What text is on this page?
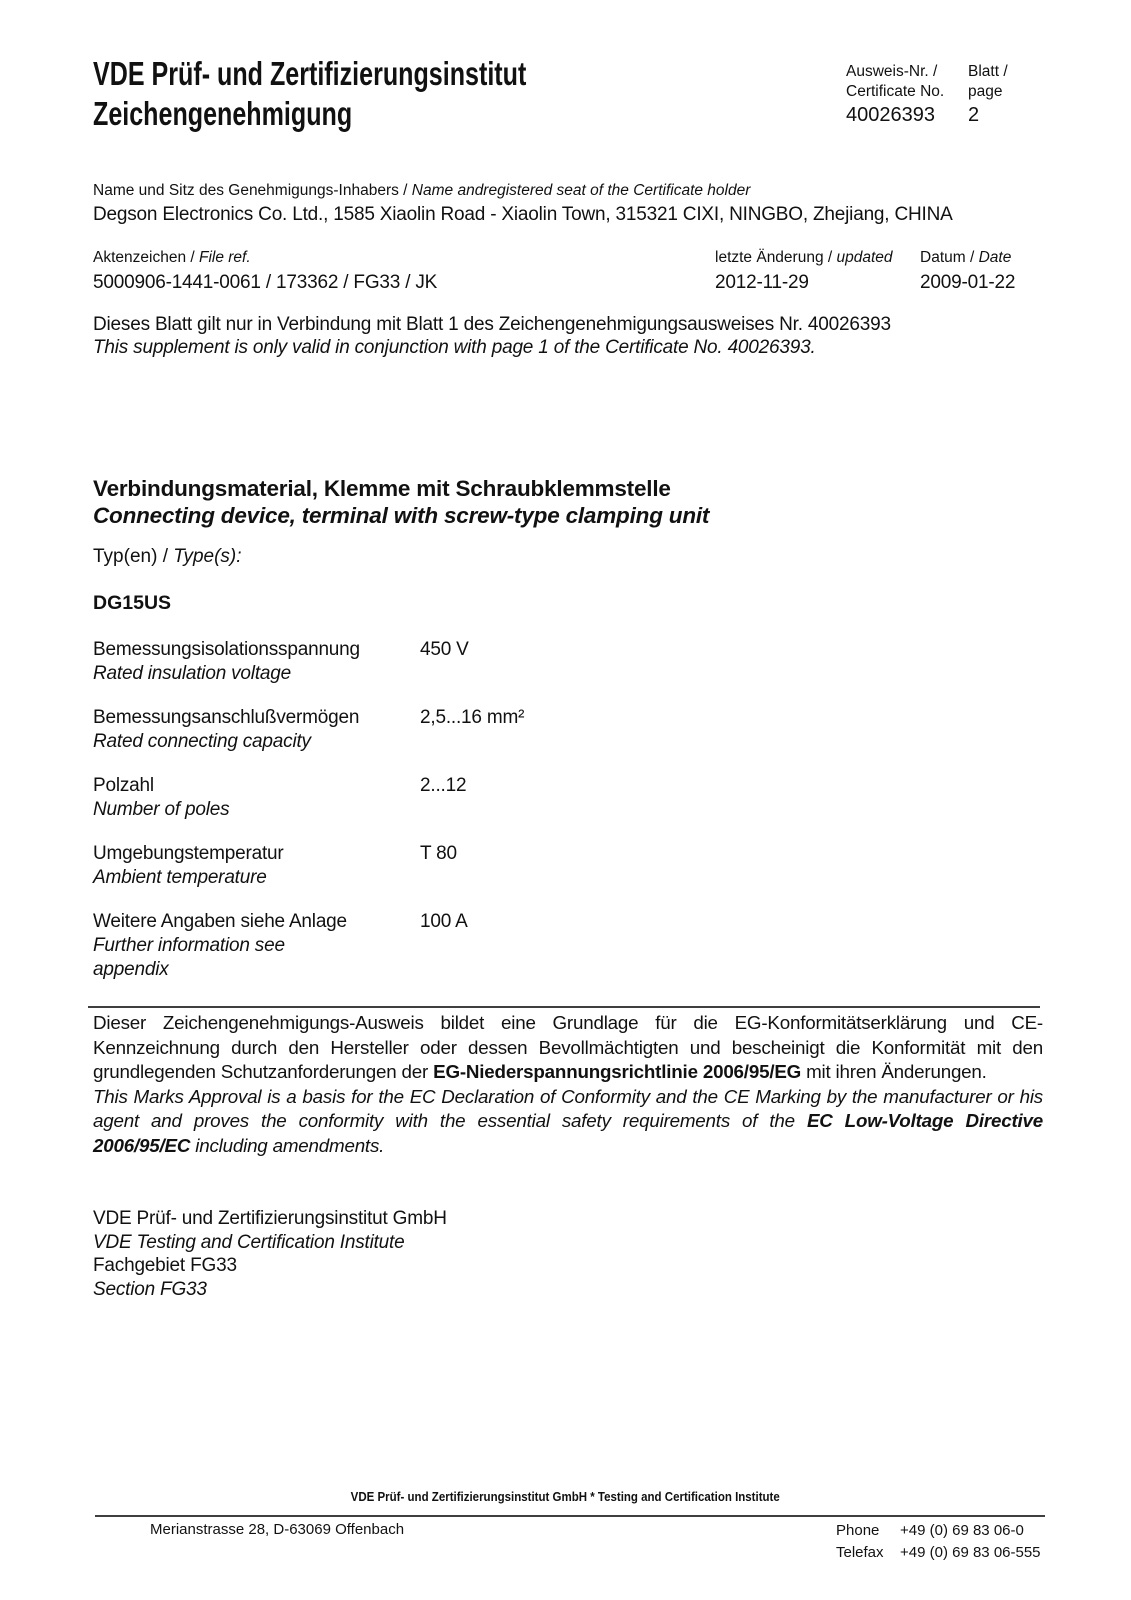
VDE Prüf- und Zertifizierungsinstitut
Zeichengenehmigung
Ausweis-Nr. /
Certificate No.
40026393
Blatt /
page
2
Name und Sitz des Genehmigungs-Inhabers / Name andregistered seat of the Certificate holder
Degson Electronics Co. Ltd., 1585 Xiaolin Road - Xiaolin Town, 315321 CIXI, NINGBO, Zhejiang, CHINA
Aktenzeichen / File ref.
5000906-1441-0061 / 173362 / FG33 / JK
letzte Änderung / updated
2012-11-29
Datum / Date
2009-01-22
Dieses Blatt gilt nur in Verbindung mit Blatt 1 des Zeichengenehmigungsausweises Nr. 40026393
This supplement is only valid in conjunction with page 1 of the Certificate No. 40026393.
Verbindungsmaterial, Klemme mit Schraubklemmstelle
Connecting device, terminal with screw-type clamping unit
Typ(en) / Type(s):
DG15US
Bemessungsisolationsspannung
Rated insulation voltage
450 V
Bemessungsanschlußvermögen
Rated connecting capacity
2,5...16 mm²
Polzahl
Number of poles
2...12
Umgebungstemperatur
Ambient temperature
T 80
Weitere Angaben siehe Anlage
Further information see
appendix
100 A

Dieser Zeichengenehmigungs-Ausweis bildet eine Grundlage für die EG-Konformitätserklärung und CE-Kennzeichnung durch den Hersteller oder dessen Bevollmächtigten und bescheinigt die Konformität mit den grundlegenden Schutzanforderungen der EG-Niederspannungsrichtlinie 2006/95/EG mit ihren Änderungen.

This Marks Approval is a basis for the EC Declaration of Conformity and the CE Marking by the manufacturer or his agent and proves the conformity with the essential safety requirements of the EC Low-Voltage Directive 2006/95/EC including amendments.

VDE Prüf- und Zertifizierungsinstitut GmbH
VDE Testing and Certification Institute
Fachgebiet FG33
Section FG33
VDE Prüf- und Zertifizierungsinstitut GmbH * Testing and Certification Institute
Merianstrasse 28, D-63069 Offenbach	Phone	+49 (0) 69 83 06-0
Telefax	+49 (0) 69 83 06-555
